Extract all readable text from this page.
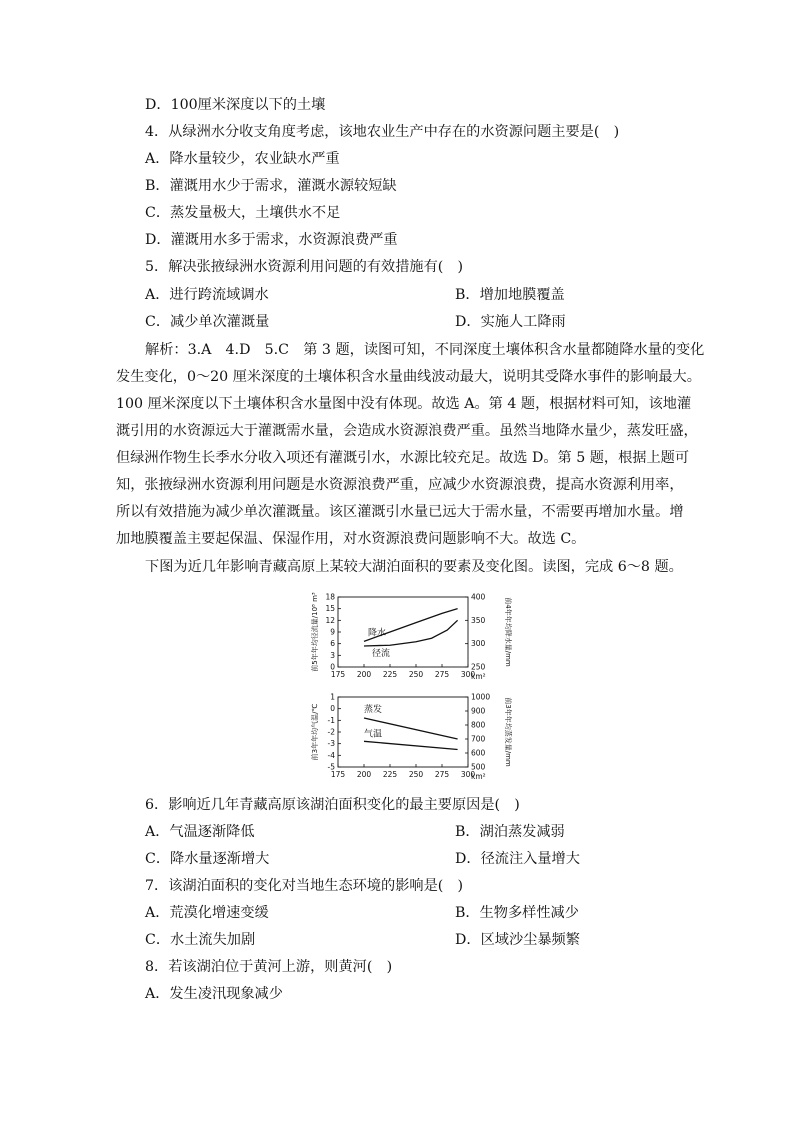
D．100厘米深度以下的土壤
4．从绿洲水分收支角度考虑，该地农业生产中存在的水资源问题主要是(　)
A．降水量较少，农业缺水严重
B．灌溉用水少于需求，灌溉水源较短缺
C．蒸发量极大，土壤供水不足
D．灌溉用水多于需求，水资源浪费严重
5．解决张掖绿洲水资源利用问题的有效措施有(　)
A．进行跨流域调水	B．增加地膜覆盖
C．减少单次灌溉量	D．实施人工降雨
解析：3.A　4.D　5.C　第 3 题，读图可知，不同深度土壤体积含水量都随降水量的变化
发生变化，0～20 厘米深度的土壤体积含水量曲线波动最大，说明其受降水事件的影响最大。
100 厘米深度以下土壤体积含水量图中没有体现。故选 A。第 4 题，根据材料可知，该地灌
溉引用的水资源远大于灌溉需水量，会造成水资源浪费严重。虽然当地降水量少，蒸发旺盛，
但绿洲作物生长季水分收入项还有灌溉引水，水源比较充足。故选 D。第 5 题，根据上题可
知，张掖绿洲水资源利用问题是水资源浪费严重，应减少水资源浪费，提高水资源利用率，
所以有效措施为减少单次灌溉量。该区灌溉引水量已远大于需水量，不需要再增加水量。增
加地膜覆盖主要起保温、保湿作用，对水资源浪费问题影响不大。故选 C。
下图为近几年影响青藏高原上某较大湖泊面积的要素及变化图。读图，完成 6～8 题。
前5年年均径流量/10⁸ m³	前4年年均降水量/mm
0
3
6
9
12
15
18
250
300
350
400
175 200 225 250 275 300
km²
降水
径流
前3年年均气温/℃	前3年年均蒸发量/mm
1
0
-1
-2
-3
-4
-5
1000
900
800
700
600
500
175 200 225 250 275 300
km²
蒸发
气温
6．影响近几年青藏高原该湖泊面积变化的最主要原因是(　)
A．气温逐渐降低	B．湖泊蒸发减弱
C．降水量逐渐增大	D．径流注入量增大
7．该湖泊面积的变化对当地生态环境的影响是(　)
A．荒漠化增速变缓	B．生物多样性减少
C．水土流失加剧	D．区域沙尘暴频繁
8．若该湖泊位于黄河上游，则黄河(　)
A．发生凌汛现象减少
